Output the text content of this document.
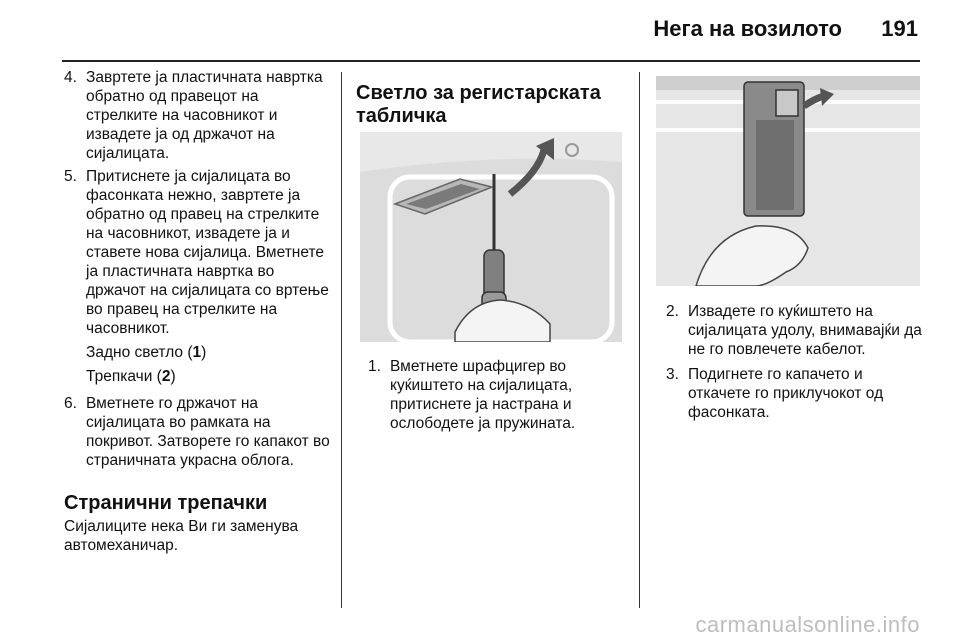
Нега на возилото 191
4. Завртете ја пластичната навртка обратно од правецот на стрелките на часовникот и извадете ја од држачот на сијалицата.
5. Притиснете ја сијалицата во фасонката нежно, завртете ја обратно од правец на стрелките на часовникот, извадете ја и ставете нова сијалица. Вметнете ја пластичната навртка во држачот на сијалицата со вртење во правец на стрелките на часовникот.
Задно светло (1)
Трепкачи (2)
6. Вметнете го држачот на сијалицата во рамката на покривот. Затворете го капакот во страничната украсна облога.
Странични трепачки
Сијалиците нека Ви ги заменува автомеханичар.
Светло за регистарската табличка
1. Вметнете шрафцигер во куќиштето на сијалицата, притиснете ја настрана и ослободете ја пружината.
2. Извадете го куќиштето на сијалицата удолу, внимавајќи да не го повлечете кабелот.
3. Подигнете го капачето и откачете го приклучокот од фасонката.
carmanualsonline.info
